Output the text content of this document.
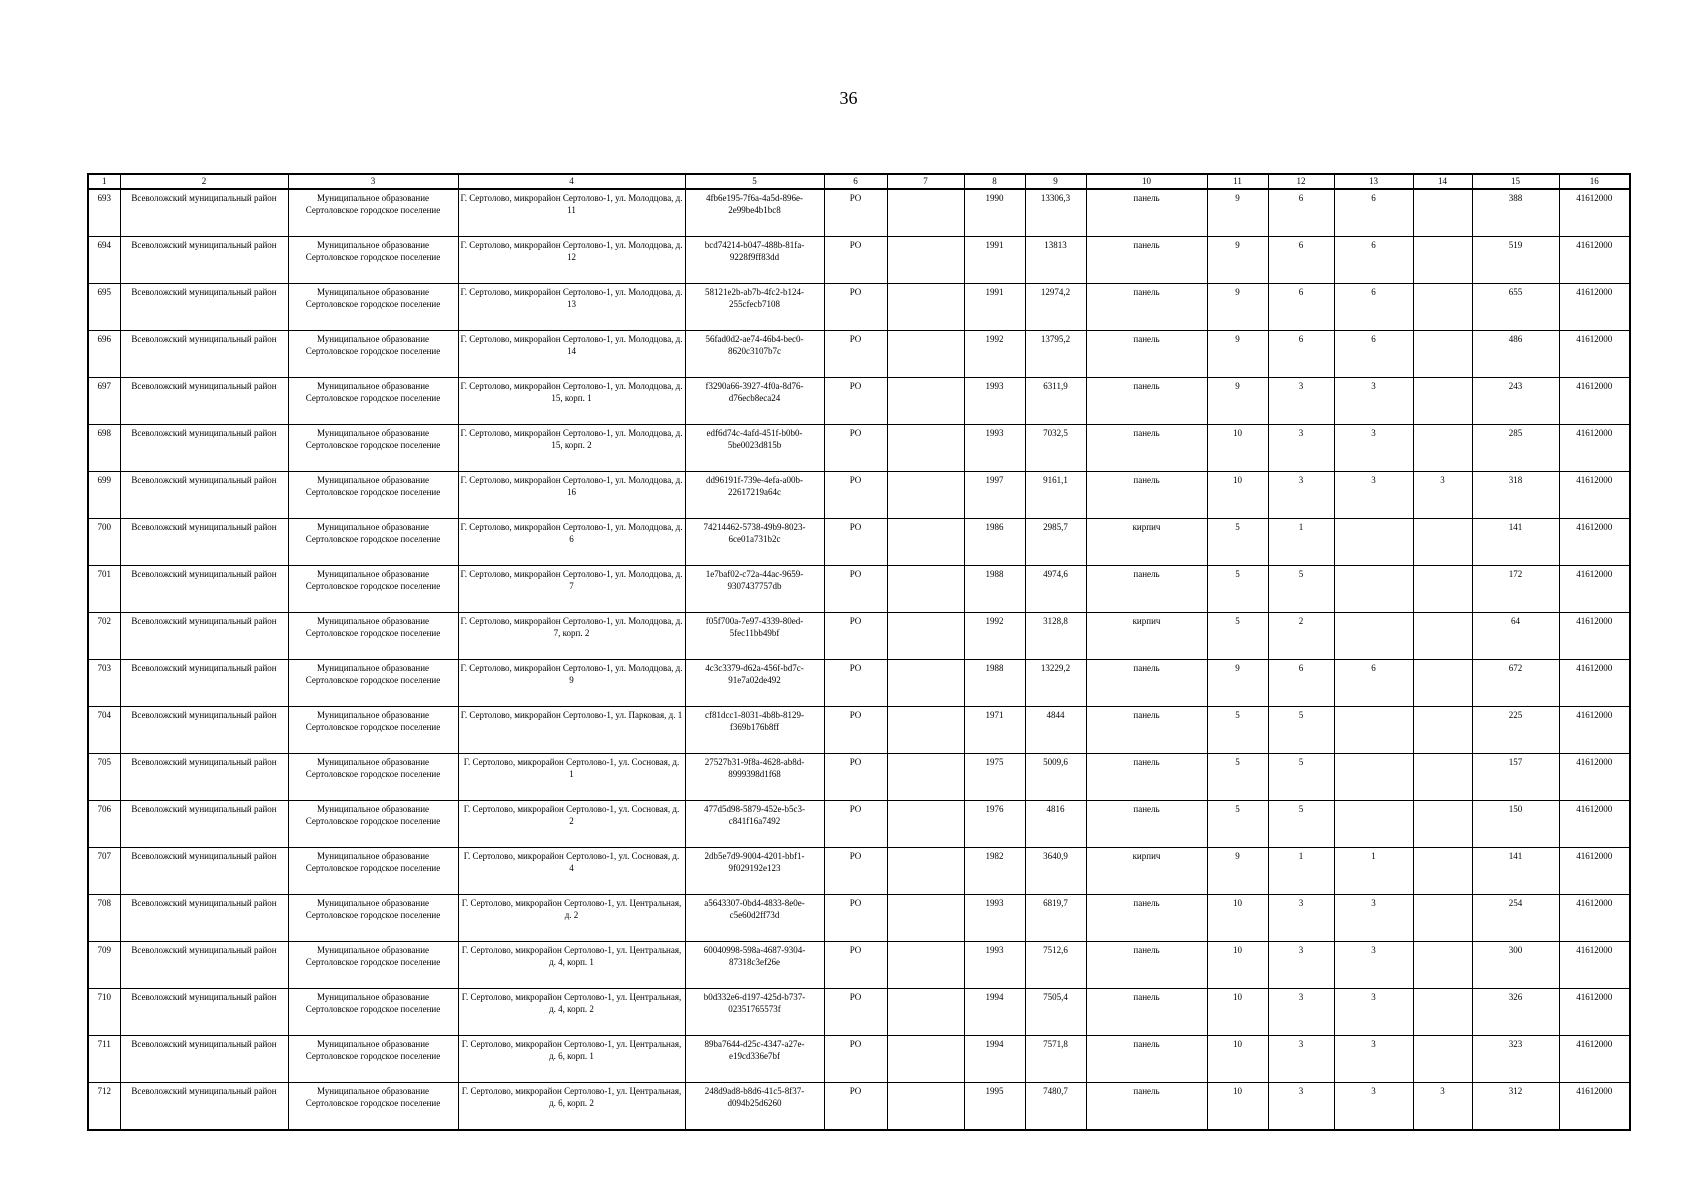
36
1	2	3	4	5	6	7	8	9	10	11	12	13	14	15	16
693	Всеволожский муниципальный район	Муниципальное образование Сертоловское городское поселение	Г. Сертолово, микрорайон Сертолово-1, ул. Молодцова, д. 11	4fb6e195-7f6a-4a5d-896e-2e99be4b1bc8	РО		1990	13306,3	панель	9	6	6		388	41612000
694	Всеволожский муниципальный район	Муниципальное образование Сертоловское городское поселение	Г. Сертолово, микрорайон Сертолово-1, ул. Молодцова, д. 12	bcd74214-b047-488b-81fa-9228f9ff83dd	РО		1991	13813	панель	9	6	6		519	41612000
695	Всеволожский муниципальный район	Муниципальное образование Сертоловское городское поселение	Г. Сертолово, микрорайон Сертолово-1, ул. Молодцова, д. 13	58121e2b-ab7b-4fc2-b124-255cfecb7108	РО		1991	12974,2	панель	9	6	6		655	41612000
696	Всеволожский муниципальный район	Муниципальное образование Сертоловское городское поселение	Г. Сертолово, микрорайон Сертолово-1, ул. Молодцова, д. 14	56fad0d2-ae74-46b4-bec0-8620c3107b7c	РО		1992	13795,2	панель	9	6	6		486	41612000
697	Всеволожский муниципальный район	Муниципальное образование Сертоловское городское поселение	Г. Сертолово, микрорайон Сертолово-1, ул. Молодцова, д. 15, корп. 1	f3290a66-3927-4f0a-8d76-d76ecb8eca24	РО		1993	6311,9	панель	9	3	3		243	41612000
698	Всеволожский муниципальный район	Муниципальное образование Сертоловское городское поселение	Г. Сертолово, микрорайон Сертолово-1, ул. Молодцова, д. 15, корп. 2	edf6d74c-4afd-451f-b0b0-5be0023d815b	РО		1993	7032,5	панель	10	3	3		285	41612000
699	Всеволожский муниципальный район	Муниципальное образование Сертоловское городское поселение	Г. Сертолово, микрорайон Сертолово-1, ул. Молодцова, д. 16	dd96191f-739e-4efa-a00b-22617219a64c	РО		1997	9161,1	панель	10	3	3	3	318	41612000
700	Всеволожский муниципальный район	Муниципальное образование Сертоловское городское поселение	Г. Сертолово, микрорайон Сертолово-1, ул. Молодцова, д. 6	74214462-5738-49b9-8023-6ce01a731b2c	РО		1986	2985,7	кирпич	5	1			141	41612000
701	Всеволожский муниципальный район	Муниципальное образование Сертоловское городское поселение	Г. Сертолово, микрорайон Сертолово-1, ул. Молодцова, д. 7	1e7baf02-c72a-44ac-9659-9307437757db	РО		1988	4974,6	панель	5	5			172	41612000
702	Всеволожский муниципальный район	Муниципальное образование Сертоловское городское поселение	Г. Сертолово, микрорайон Сертолово-1, ул. Молодцова, д. 7, корп. 2	f05f700a-7e97-4339-80ed-5fec11bb49bf	РО		1992	3128,8	кирпич	5	2			64	41612000
703	Всеволожский муниципальный район	Муниципальное образование Сертоловское городское поселение	Г. Сертолово, микрорайон Сертолово-1, ул. Молодцова, д. 9	4c3c3379-d62a-456f-bd7c-91e7a02de492	РО		1988	13229,2	панель	9	6	6		672	41612000
704	Всеволожский муниципальный район	Муниципальное образование Сертоловское городское поселение	Г. Сертолово, микрорайон Сертолово-1, ул. Парковая, д. 1	cf81dcc1-8031-4b8b-8129-f369b176b8ff	РО		1971	4844	панель	5	5			225	41612000
705	Всеволожский муниципальный район	Муниципальное образование Сертоловское городское поселение	Г. Сертолово, микрорайон Сертолово-1, ул. Сосновая, д. 1	27527b31-9f8a-4628-ab8d-8999398d1f68	РО		1975	5009,6	панель	5	5			157	41612000
706	Всеволожский муниципальный район	Муниципальное образование Сертоловское городское поселение	Г. Сертолово, микрорайон Сертолово-1, ул. Сосновая, д. 2	477d5d98-5879-452e-b5c3-c841f16a7492	РО		1976	4816	панель	5	5			150	41612000
707	Всеволожский муниципальный район	Муниципальное образование Сертоловское городское поселение	Г. Сертолово, микрорайон Сертолово-1, ул. Сосновая, д. 4	2db5e7d9-9004-4201-bbf1-9f029192e123	РО		1982	3640,9	кирпич	9	1	1		141	41612000
708	Всеволожский муниципальный район	Муниципальное образование Сертоловское городское поселение	Г. Сертолово, микрорайон Сертолово-1, ул. Центральная, д. 2	a5643307-0bd4-4833-8e0e-c5e60d2ff73d	РО		1993	6819,7	панель	10	3	3		254	41612000
709	Всеволожский муниципальный район	Муниципальное образование Сертоловское городское поселение	Г. Сертолово, микрорайон Сертолово-1, ул. Центральная, д. 4, корп. 1	60040998-598a-4687-9304-87318c3ef26e	РО		1993	7512,6	панель	10	3	3		300	41612000
710	Всеволожский муниципальный район	Муниципальное образование Сертоловское городское поселение	Г. Сертолово, микрорайон Сертолово-1, ул. Центральная, д. 4, корп. 2	b0d332e6-d197-425d-b737-02351765573f	РО		1994	7505,4	панель	10	3	3		326	41612000
711	Всеволожский муниципальный район	Муниципальное образование Сертоловское городское поселение	Г. Сертолово, микрорайон Сертолово-1, ул. Центральная, д. 6, корп. 1	89ba7644-d25c-4347-a27e-e19cd336e7bf	РО		1994	7571,8	панель	10	3	3		323	41612000
712	Всеволожский муниципальный район	Муниципальное образование Сертоловское городское поселение	Г. Сертолово, микрорайон Сертолово-1, ул. Центральная, д. 6, корп. 2	248d9ad8-b8d6-41c5-8f37-d094b25d6260	РО		1995	7480,7	панель	10	3	3	3	312	41612000
